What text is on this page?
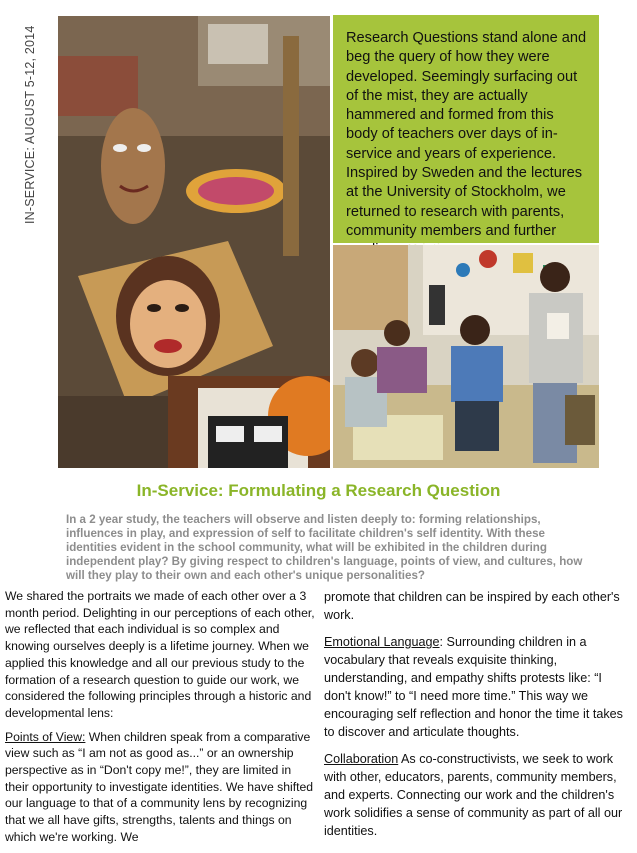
IN-SERVICE: AUGUST 5-12, 2014	Research Questions stand alone and beg the query of how they were developed. Seemingly surfacing out of the mist, they are actually hammered and formed from this body of teachers over days of in-service and years of experience. Inspired by Sweden and the lectures at the University of Stockholm, we returned to research with parents, community members and further

In-Service: Formulating a Research Question
In a 2 year study, the teachers will observe and listen deeply to: forming relationships, influences in play, and expression of self to facilitate children's self identity. With these identities evident in the school community, what will be exhibited in the children during independent play? By giving respect to children's language, points of view, and cultures, how will they play to their own and each other's unique personalities?

We shared the portraits we made of each other over a 3 month period. Delighting in our perceptions of each other, we reflected that each individual is so complex and knowing ourselves deeply is a lifetime journey. When we applied this knowledge and all our previous study to the formation of a research question to guide our work, we considered the following principles through a historic and developmental lens:

Points of View: When children speak from a comparative view such as “I am not as good as...” or an ownership perspective as in “Don't copy me!”, they are limited in their opportunity to investigate identities. We have shifted our language to that of a community lens by recognizing that we all have gifts, strengths, talents and things on which we're working. We

promote that children can be inspired by each other's work.

Emotional Language: Surrounding children in a vocabulary that reveals exquisite thinking, understanding, and empathy shifts protests like: “I don't know!” to “I need more time.” This way we encouraging self reflection and honor the time it takes to discover and articulate thoughts.

Collaboration As co-constructivists, we seek to work with other, educators, parents, community members, and experts. Connecting our work and the children's work solidifies a sense of community as part of all our identities.
